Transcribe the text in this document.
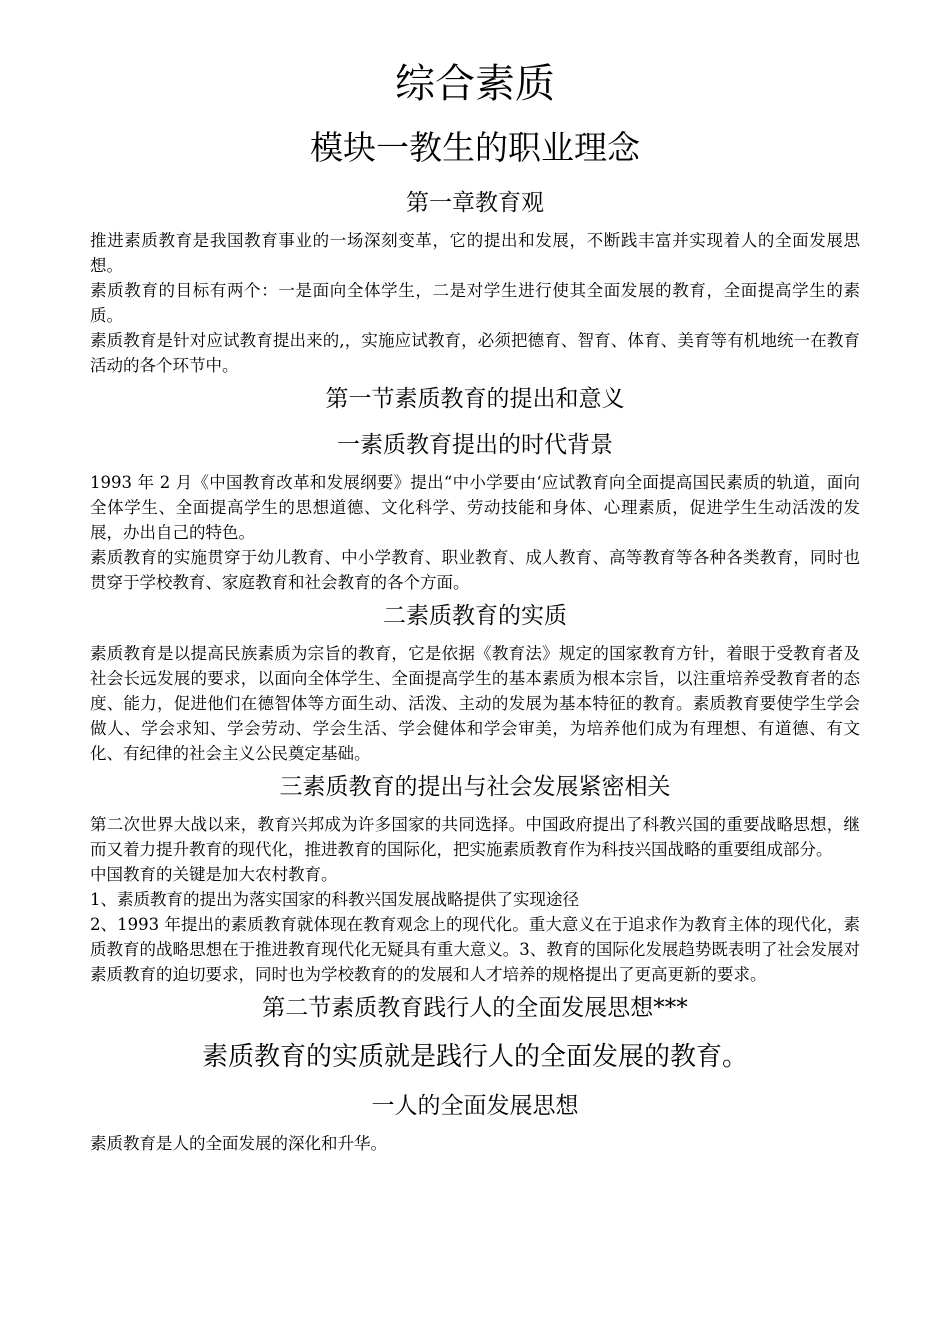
综合素质
模块一教生的职业理念
第一章教育观

推进素质教育是我国教育事业的一场深刻变革，它的提出和发展，不断践丰富并实现着人的全面发展思想。

素质教育的目标有两个：一是面向全体学生，二是对学生进行使其全面发展的教育，全面提高学生的素质。

素质教育是针对应试教育提出来的,，实施应试教育，必须把德育、智育、体育、美育等有机地统一在教育活动的各个环节中。

第一节素质教育的提出和意义
一素质教育提出的时代背景

1993 年 2 月《中国教育改革和发展纲要》提出“中小学要由‘应试教育向全面提高国民素质的轨道，面向全体学生、全面提高学生的思想道德、文化科学、劳动技能和身体、心理素质，促进学生生动活泼的发展，办出自己的特色。

素质教育的实施贯穿于幼儿教育、中小学教育、职业教育、成人教育、高等教育等各种各类教育，同时也贯穿于学校教育、家庭教育和社会教育的各个方面。

二素质教育的实质

素质教育是以提高民族素质为宗旨的教育，它是依据《教育法》规定的国家教育方针，着眼于受教育者及社会长远发展的要求，以面向全体学生、全面提高学生的基本素质为根本宗旨，以注重培养受教育者的态度、能力，促进他们在德智体等方面生动、活泼、主动的发展为基本特征的教育。素质教育要使学生学会做人、学会求知、学会劳动、学会生活、学会健体和学会审美，为培养他们成为有理想、有道德、有文化、有纪律的社会主义公民奠定基础。

三素质教育的提出与社会发展紧密相关

第二次世界大战以来，教育兴邦成为许多国家的共同选择。中国政府提出了科教兴国的重要战略思想，继而又着力提升教育的现代化，推进教育的国际化，把实施素质教育作为科技兴国战略的重要组成部分。

中国教育的关键是加大农村教育。

1、素质教育的提出为落实国家的科教兴国发展战略提供了实现途径

2、1993 年提出的素质教育就体现在教育观念上的现代化。重大意义在于追求作为教育主体的现代化，素质教育的战略思想在于推进教育现代化无疑具有重大意义。3、教育的国际化发展趋势既表明了社会发展对素质教育的迫切要求，同时也为学校教育的的发展和人才培养的规格提出了更高更新的要求。

第二节素质教育践行人的全面发展思想***
素质教育的实质就是践行人的全面发展的教育。
一人的全面发展思想

素质教育是人的全面发展的深化和升华。
